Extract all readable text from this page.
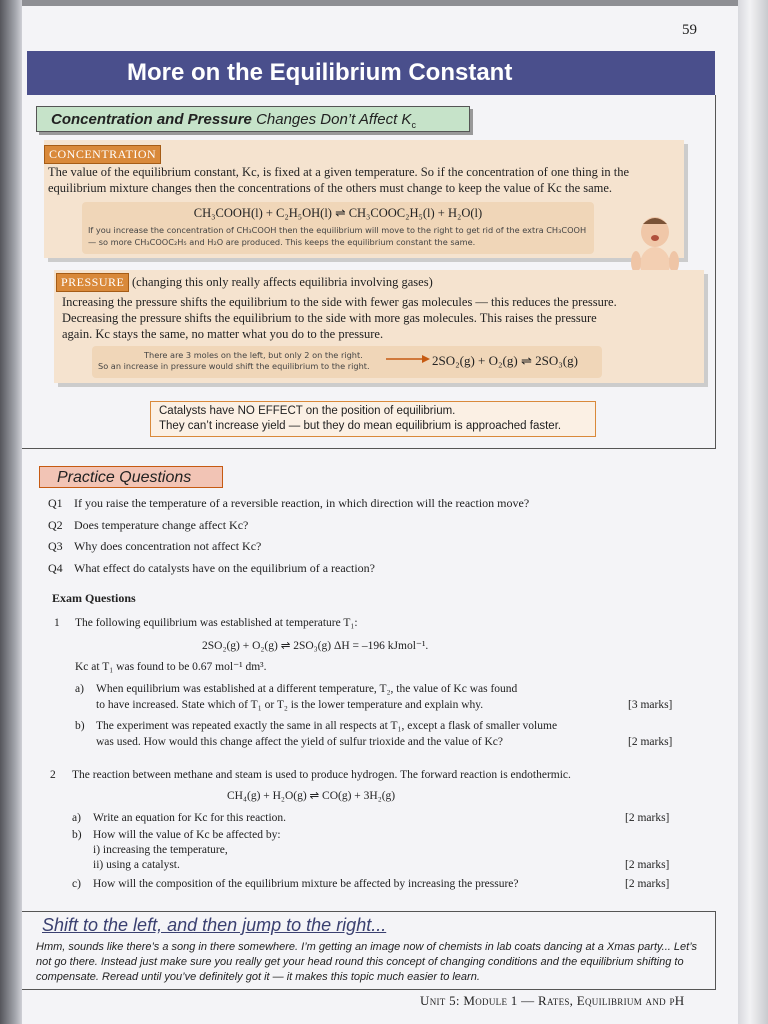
59
More on the Equilibrium Constant
Concentration and Pressure Changes Don’t Affect $K_c$
CONCENTRATION
The value of the equilibrium constant, Kc, is fixed at a given temperature. So if the concentration of one thing in the equilibrium mixture changes then the concentrations of the others must change to keep the value of Kc the same.
CH₃COOH(l) + C₂H₅OH(l) ⇌ CH₃COOC₂H₅(l) + H₂O(l)
If you increase the concentration of CH₃COOH then the equilibrium will move to the right to get rid of the extra CH₃COOH — so more CH₃COOC₂H₅ and H₂O are produced. This keeps the equilibrium constant the same.
PRESSURE (changing this only really affects equilibria involving gases)
Increasing the pressure shifts the equilibrium to the side with fewer gas molecules — this reduces the pressure. Decreasing the pressure shifts the equilibrium to the side with more gas molecules. This raises the pressure again. Kc stays the same, no matter what you do to the pressure.
There are 3 moles on the left, but only 2 on the right.
So an increase in pressure would shift the equilibrium to the right.	2SO₂(g) + O₂(g) ⇌ 2SO₃(g)
Catalysts have NO EFFECT on the position of equilibrium.
They can’t increase yield — but they do mean equilibrium is approached faster.
Practice Questions
Q1 If you raise the temperature of a reversible reaction, in which direction will the reaction move?
Q2 Does temperature change affect Kc?
Q3 Why does concentration not affect Kc?
Q4 What effect do catalysts have on the equilibrium of a reaction?
Exam Questions
1 The following equilibrium was established at temperature T₁:
2SO₂(g) + O₂(g) ⇌ 2SO₃(g) ΔH = –196 kJmol⁻¹.
Kc at T₁ was found to be 0.67 mol⁻¹ dm³.
a) When equilibrium was established at a different temperature, T₂, the value of Kc was found
to have increased. State which of T₁ or T₂ is the lower temperature and explain why.	[3 marks]
b) The experiment was repeated exactly the same in all respects at T₁, except a flask of smaller volume
was used. How would this change affect the yield of sulfur trioxide and the value of Kc?	[2 marks]
2 The reaction between methane and steam is used to produce hydrogen. The forward reaction is endothermic.
CH₄(g) + H₂O(g) ⇌ CO(g) + 3H₂(g)
a) Write an equation for Kc for this reaction.	[2 marks]
b) How will the value of Kc be affected by:
i) increasing the temperature,
ii) using a catalyst.	[2 marks]
c) How will the composition of the equilibrium mixture be affected by increasing the pressure?	[2 marks]
Shift to the left, and then jump to the right...
Hmm, sounds like there’s a song in there somewhere. I’m getting an image now of chemists in lab coats dancing at a Xmas party... Let’s not go there. Instead just make sure you really get your head round this concept of changing conditions and the equilibrium shifting to compensate. Reread until you’ve definitely got it — it makes this topic much easier to learn.
Unit 5: Module 1 — Rates, Equilibrium and pH
